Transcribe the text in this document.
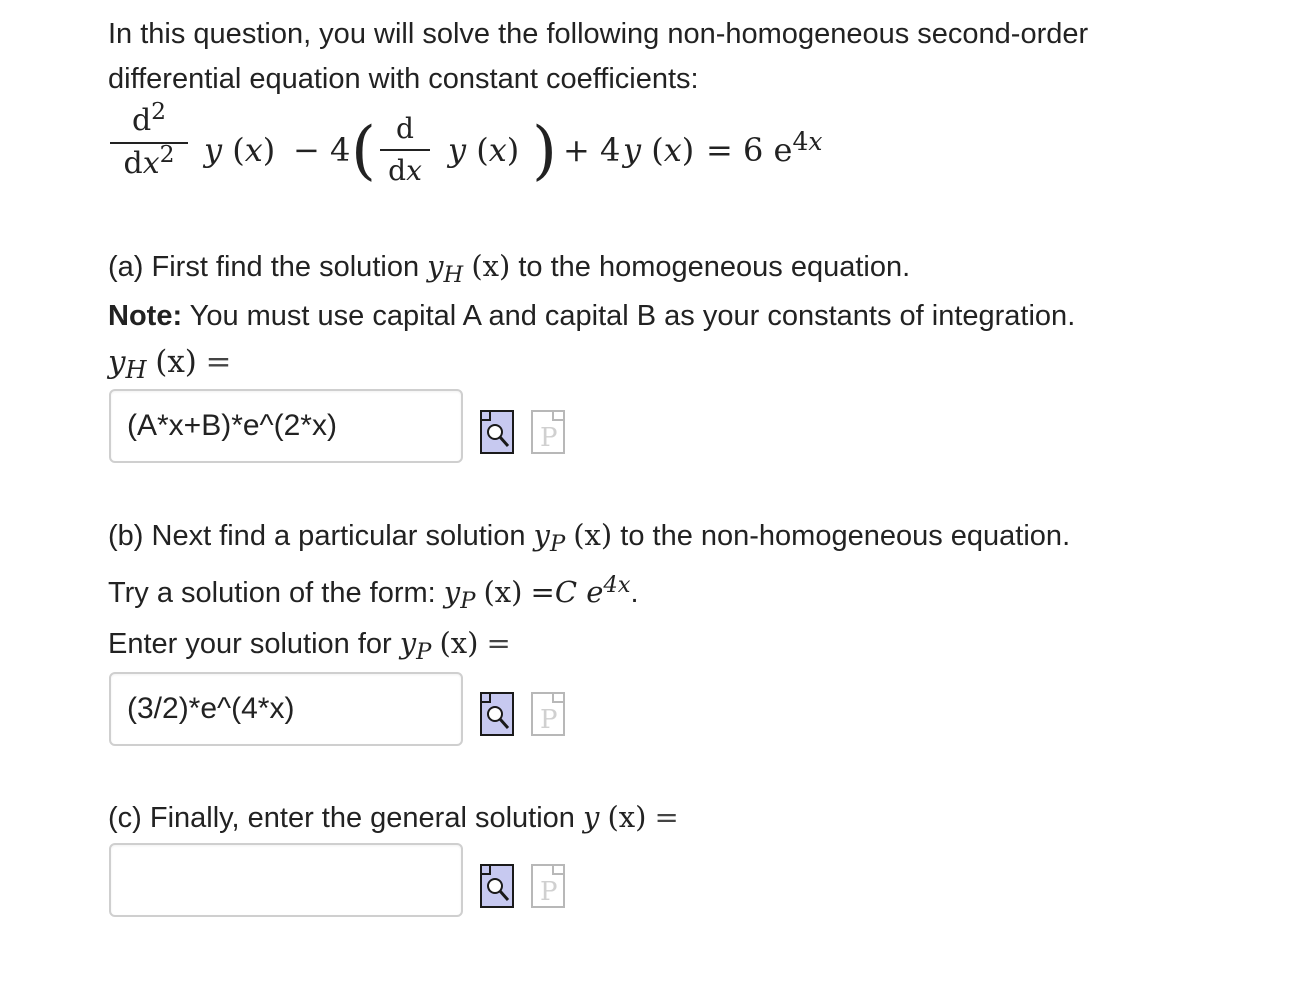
In this question, you will solve the following non-homogeneous second-order
differential equation with constant coefficients:
$d^2$
$dx^2$ y (x) − 4 ( d
dx
y (x) ) + 4 y (x) = 6 $e^{4x}$
(a) First find the solution yH (x) to the homogeneous equation.
Note: You must use capital A and capital B as your constants of integration.
yH (x) =
(A*x+B)*e^(2*x)
P
(b) Next find a particular solution yP (x) to the non-homogeneous equation.
Try a solution of the form: yP (x) =C $e^{4x}$.
Enter your solution for yP (x) =
(3/2)*e^(4*x)
P
(c) Finally, enter the general solution y (x) =
P
